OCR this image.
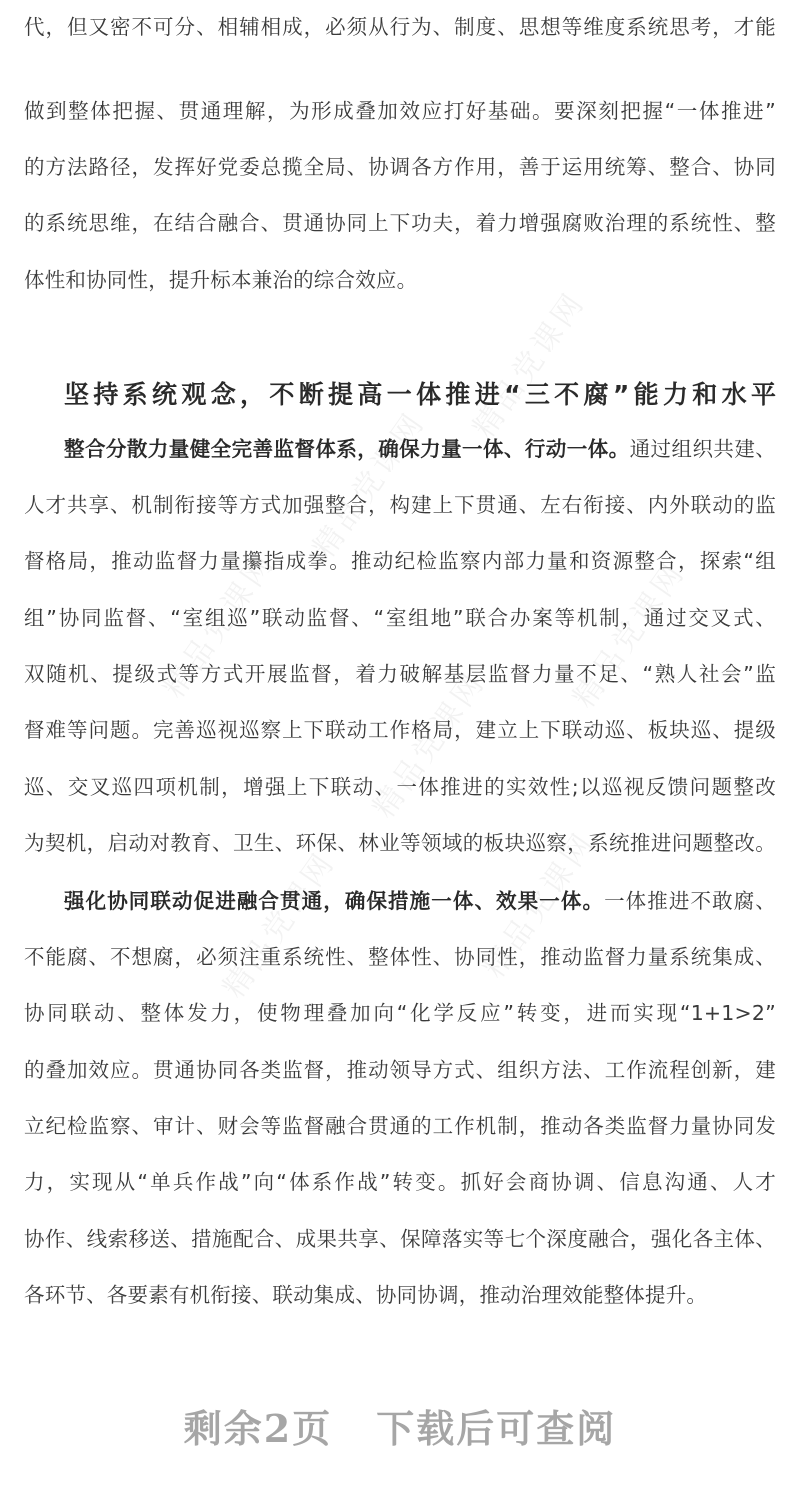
精品党课网
精品党课网
精品党课网
精品党课网
精品党课网
精品党课网
精品党课网
代，但又密不可分、相辅相成，必须从行为、制度、思想等维度系统思考，才能
做到整体把握、贯通理解，为形成叠加效应打好基础。要深刻把握“一体推进”
的方法路径，发挥好党委总揽全局、协调各方作用，善于运用统筹、整合、协同
的系统思维，在结合融合、贯通协同上下功夫，着力增强腐败治理的系统性、整
体性和协同性，提升标本兼治的综合效应。
坚持系统观念，不断提高一体推进“三不腐”能力和水平
整合分散力量健全完善监督体系，确保力量一体、行动一体。通过组织共建、
人才共享、机制衔接等方式加强整合，构建上下贯通、左右衔接、内外联动的监
督格局，推动监督力量攥指成拳。推动纪检监察内部力量和资源整合，探索“组
组”协同监督、“室组巡”联动监督、“室组地”联合办案等机制，通过交叉式、
双随机、提级式等方式开展监督，着力破解基层监督力量不足、“熟人社会”监
督难等问题。完善巡视巡察上下联动工作格局，建立上下联动巡、板块巡、提级
巡、交叉巡四项机制，增强上下联动、一体推进的实效性;以巡视反馈问题整改
为契机，启动对教育、卫生、环保、林业等领域的板块巡察，系统推进问题整改。
强化协同联动促进融合贯通，确保措施一体、效果一体。一体推进不敢腐、
不能腐、不想腐，必须注重系统性、整体性、协同性，推动监督力量系统集成、
协同联动、整体发力，使物理叠加向“化学反应”转变，进而实现“1+1>2”
的叠加效应。贯通协同各类监督，推动领导方式、组织方法、工作流程创新，建
立纪检监察、审计、财会等监督融合贯通的工作机制，推动各类监督力量协同发
力，实现从“单兵作战”向“体系作战”转变。抓好会商协调、信息沟通、人才
协作、线索移送、措施配合、成果共享、保障落实等七个深度融合，强化各主体、
各环节、各要素有机衔接、联动集成、协同协调，推动治理效能整体提升。
剩余2页 下载后可查阅
